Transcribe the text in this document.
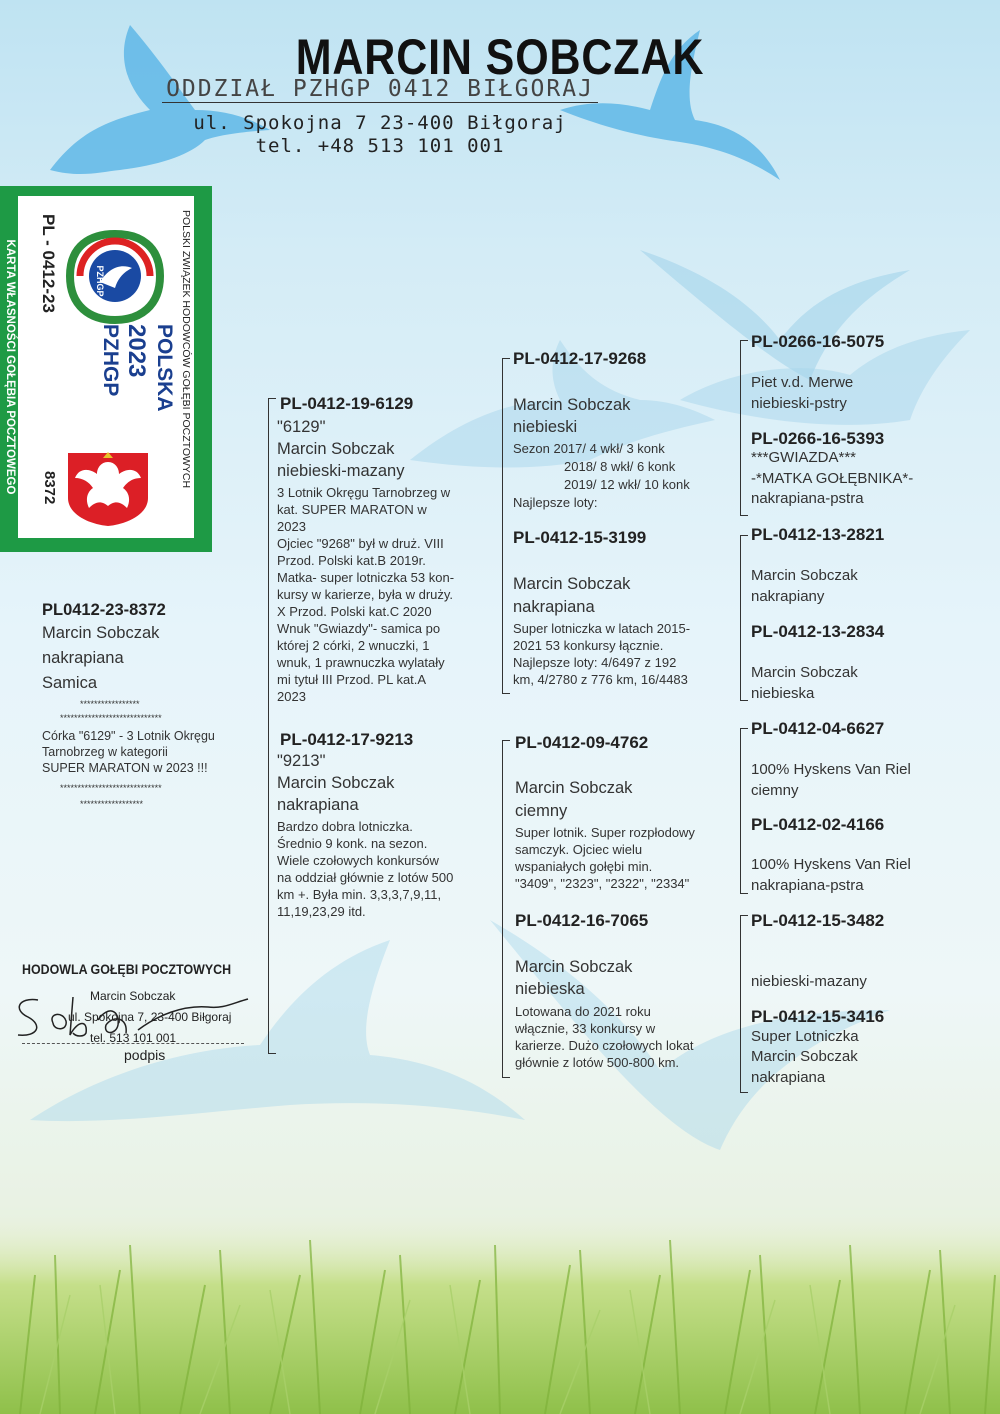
MARCIN SOBCZAK
ODDZIAŁ PZHGP 0412 BIŁGORAJ
ul. Spokojna 7 23-400 Biłgoraj
tel. +48 513 101 001
KARTA WŁASNOŚCI GOŁĘBIA POCZTOWEGO	POLSKI ZWIĄZEK HODOWCÓW GOŁĘBI POCZTOWYCH
PL - 0412-23
8372
POLSKA
2023
PZHGP
PZHGP
PL0412-23-8372
Marcin Sobczak
nakrapiana
Samica
*****************
*****************************
Córka "6129" - 3 Lotnik Okręgu
Tarnobrzeg w kategorii
SUPER MARATON w 2023 !!!
*****************************
******************
HODOWLA GOŁĘBI POCZTOWYCH
Marcin Sobczak
ul. Spokojna 7, 23-400 Biłgoraj
tel. 513 101 001
podpis
PL-0412-19-6129
"6129"
Marcin Sobczak
niebieski-mazany
3 Lotnik Okręgu Tarnobrzeg w
kat. SUPER MARATON w
2023
Ojciec "9268" był w druż. VIII
Przod. Polski kat.B 2019r.
Matka- super lotniczka 53 kon-
kursy w karierze, była w druży.
X Przod. Polski kat.C 2020
Wnuk "Gwiazdy"- samica po
której 2 córki, 2 wnuczki, 1
wnuk, 1 prawnuczka wylatały
mi tytuł III Przod. PL kat.A
2023
PL-0412-17-9213
"9213"
Marcin Sobczak
nakrapiana
Bardzo dobra lotniczka.
Średnio 9 konk. na sezon.
Wiele czołowych konkursów
na oddział głównie z lotów 500
km +. Była min. 3,3,3,7,9,11,
11,19,23,29 itd.
PL-0412-17-9268
Marcin Sobczak
niebieski
Sezon 2017/ 4 wkł/ 3 konk
2018/ 8 wkł/ 6 konk
2019/ 12 wkł/ 10 konk
Najlepsze loty:
PL-0412-15-3199
Marcin Sobczak
nakrapiana
Super lotniczka w latach 2015-
2021 53 konkursy łącznie.
Najlepsze loty: 4/6497 z 192
km, 4/2780 z 776 km, 16/4483
PL-0412-09-4762
Marcin Sobczak
ciemny
Super lotnik. Super rozpłodowy
samczyk. Ojciec wielu
wspaniałych gołębi min.
"3409", "2323", "2322", "2334"
PL-0412-16-7065
Marcin Sobczak
niebieska
Lotowana do 2021 roku
włącznie, 33 konkursy w
karierze. Dużo czołowych lokat
głównie z lotów 500-800 km.
PL-0266-16-5075
Piet v.d. Merwe
niebieski-pstry
PL-0266-16-5393
***GWIAZDA***
-*MATKA GOŁĘBNIKA*-
nakrapiana-pstra
PL-0412-13-2821
Marcin Sobczak
nakrapiany
PL-0412-13-2834
Marcin Sobczak
niebieska
PL-0412-04-6627
100% Hyskens Van Riel
ciemny
PL-0412-02-4166
100% Hyskens Van Riel
nakrapiana-pstra
PL-0412-15-3482
niebieski-mazany
PL-0412-15-3416
Super Lotniczka
Marcin Sobczak
nakrapiana
